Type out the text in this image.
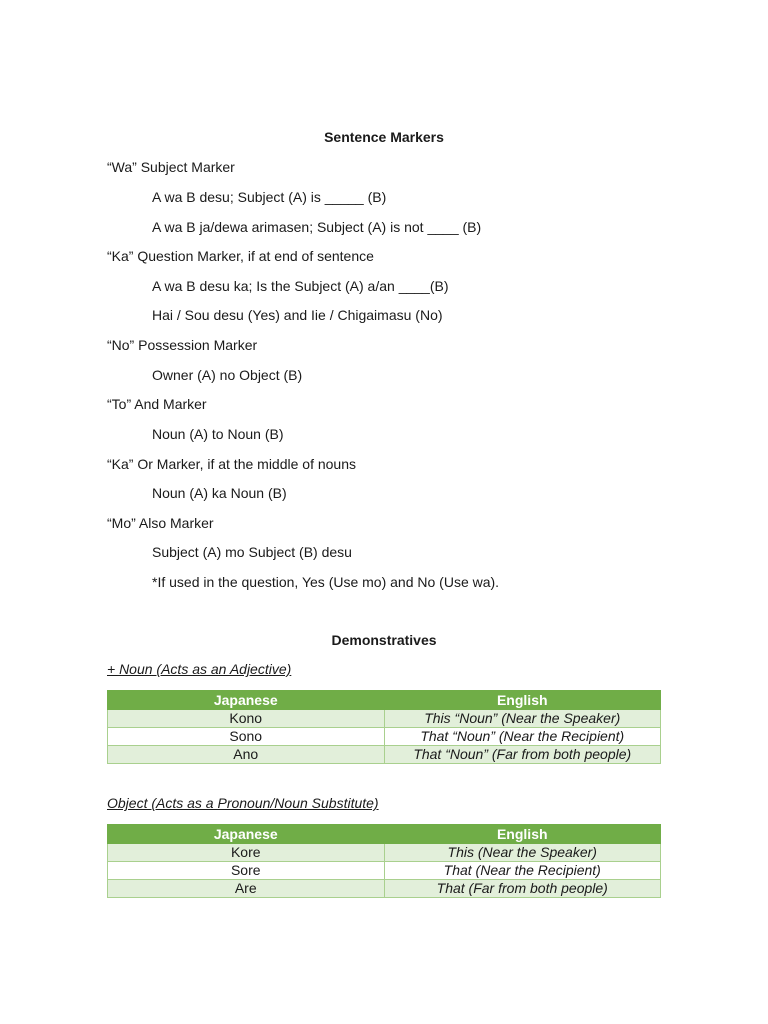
Sentence Markers
“Wa” Subject Marker
A wa B desu; Subject (A) is _____ (B)
A wa B ja/dewa arimasen; Subject (A) is not ____ (B)
“Ka” Question Marker, if at end of sentence
A wa B desu ka; Is the Subject (A) a/an ____(B)
Hai / Sou desu (Yes) and Iie / Chigaimasu (No)
“No” Possession Marker
Owner (A) no Object (B)
“To” And Marker
Noun (A) to Noun (B)
“Ka” Or Marker, if at the middle of nouns
Noun (A) ka Noun (B)
“Mo” Also Marker
Subject (A) mo Subject (B) desu
*If used in the question, Yes (Use mo) and No (Use wa).
Demonstratives
+ Noun (Acts as an Adjective)
Japanese	English
Kono	This “Noun” (Near the Speaker)
Sono	That “Noun” (Near the Recipient)
Ano	That “Noun” (Far from both people)
Object (Acts as a Pronoun/Noun Substitute)
Japanese	English
Kore	This (Near the Speaker)
Sore	That (Near the Recipient)
Are	That (Far from both people)
